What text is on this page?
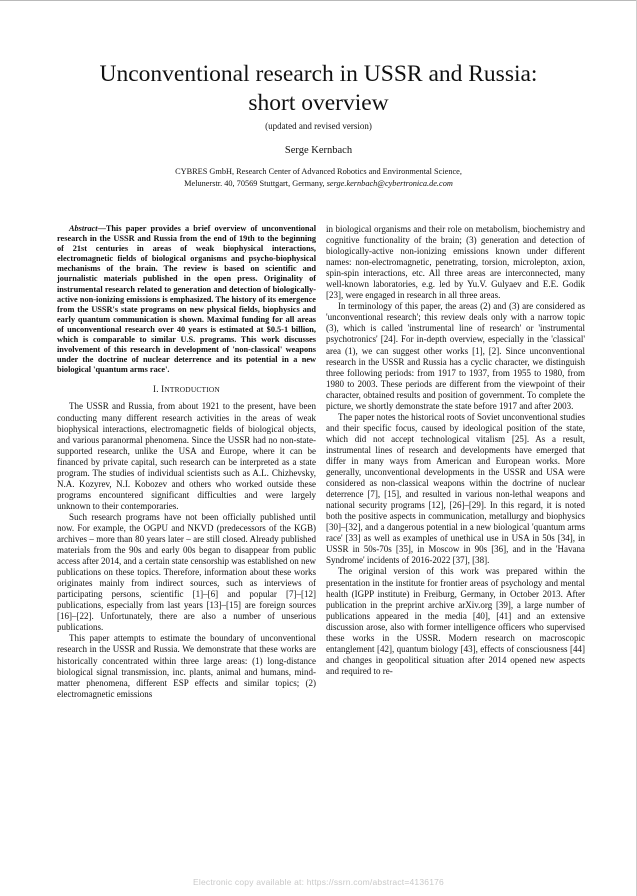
Unconventional research in USSR and Russia:
short overview
(updated and revised version)
Serge Kernbach
CYBRES GmbH, Research Center of Advanced Robotics and Environmental Science,
Melunerstr. 40, 70569 Stuttgart, Germany, serge.kernbach@cybertronica.de.com

Abstract—This paper provides a brief overview of unconventional research in the USSR and Russia from the end of 19th to the beginning of 21st centuries in areas of weak biophysical interactions, electromagnetic fields of biological organisms and psycho-biophysical mechanisms of the brain. The review is based on scientific and journalistic materials published in the open press. Originality of instrumental research related to generation and detection of biologically-active non-ionizing emissions is emphasized. The history of its emergence from the USSR's state programs on new physical fields, biophysics and early quantum communication is shown. Maximal funding for all areas of unconventional research over 40 years is estimated at $0.5-1 billion, which is comparable to similar U.S. programs. This work discusses involvement of this research in development of 'non-classical' weapons under the doctrine of nuclear deterrence and its potential in a new biological 'quantum arms race'.

I. INTRODUCTION

The USSR and Russia, from about 1921 to the present, have been conducting many different research activities in the areas of weak biophysical interactions, electromagnetic fields of biological objects, and various paranormal phenomena. Since the USSR had no non-state-supported research, unlike the USA and Europe, where it can be financed by private capital, such research can be interpreted as a state program. The studies of individual scientists such as A.L. Chizhevsky, N.A. Kozyrev, N.I. Kobozev and others who worked outside these programs encountered significant difficulties and were largely unknown to their contemporaries.

Such research programs have not been officially published until now. For example, the OGPU and NKVD (predecessors of the KGB) archives – more than 80 years later – are still closed. Already published materials from the 90s and early 00s began to disappear from public access after 2014, and a certain state censorship was established on new publications on these topics. Therefore, information about these works originates mainly from indirect sources, such as interviews of participating persons, scientific [1]–[6] and popular [7]–[12] publications, especially from last years [13]–[15] are foreign sources [16]–[22]. Unfortunately, there are also a number of unserious publications.

This paper attempts to estimate the boundary of unconventional research in the USSR and Russia. We demonstrate that these works are historically concentrated within three large areas: (1) long-distance biological signal transmission, inc. plants, animal and humans, mind-matter phenomena, different ESP effects and similar topics; (2) electromagnetic emissions

in biological organisms and their role on metabolism, biochemistry and cognitive functionality of the brain; (3) generation and detection of biologically-active non-ionizing emissions known under different names: non-electromagnetic, penetrating, torsion, microlepton, axion, spin-spin interactions, etc. All three areas are interconnected, many well-known laboratories, e.g. led by Yu.V. Gulyaev and E.E. Godik [23], were engaged in research in all three areas.

In terminology of this paper, the areas (2) and (3) are considered as 'unconventional research'; this review deals only with a narrow topic (3), which is called 'instrumental line of research' or 'instrumental psychotronics' [24]. For in-depth overview, especially in the 'classical' area (1), we can suggest other works [1], [2]. Since unconventional research in the USSR and Russia has a cyclic character, we distinguish three following periods: from 1917 to 1937, from 1955 to 1980, from 1980 to 2003. These periods are different from the viewpoint of their character, obtained results and position of government. To complete the picture, we shortly demonstrate the state before 1917 and after 2003.

The paper notes the historical roots of Soviet unconventional studies and their specific focus, caused by ideological position of the state, which did not accept technological vitalism [25]. As a result, instrumental lines of research and developments have emerged that differ in many ways from American and European works. More generally, unconventional developments in the USSR and USA were considered as non-classical weapons within the doctrine of nuclear deterrence [7], [15], and resulted in various non-lethal weapons and national security programs [12], [26]–[29]. In this regard, it is noted both the positive aspects in communication, metallurgy and biophysics [30]–[32], and a dangerous potential in a new biological 'quantum arms race' [33] as well as examples of unethical use in USA in 50s [34], in USSR in 50s-70s [35], in Moscow in 90s [36], and in the 'Havana Syndrome' incidents of 2016-2022 [37], [38].

The original version of this work was prepared within the presentation in the institute for frontier areas of psychology and mental health (IGPP institute) in Freiburg, Germany, in October 2013. After publication in the preprint archive arXiv.org [39], a large number of publications appeared in the media [40], [41] and an extensive discussion arose, also with former intelligence officers who supervised these works in the USSR. Modern research on macroscopic entanglement [42], quantum biology [43], effects of consciousness [44] and changes in geopolitical situation after 2014 opened new aspects and required to re-

Electronic copy available at: https://ssrn.com/abstract=4136176
